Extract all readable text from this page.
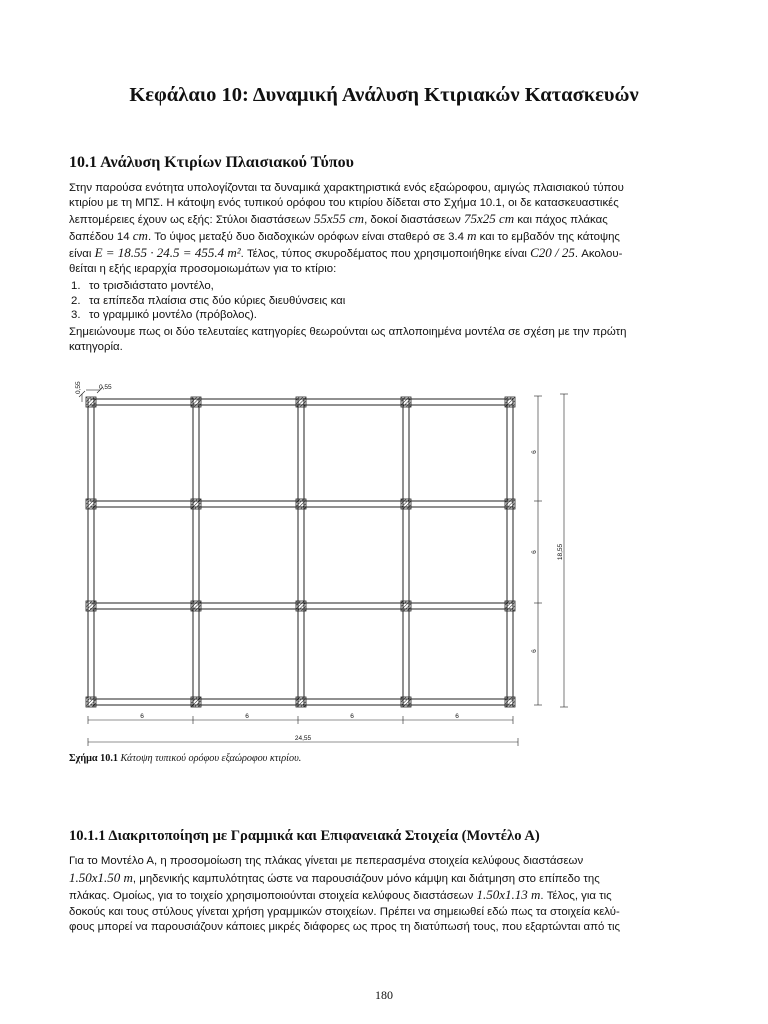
Κεφάλαιο 10: Δυναμική Ανάλυση Κτιριακών Κατασκευών
10.1 Ανάλυση Κτιρίων Πλαισιακού Τύπου
Στην παρούσα ενότητα υπολογίζονται τα δυναμικά χαρακτηριστικά ενός εξαώροφου, αμιγώς πλαισιακού τύπου
κτιρίου με τη ΜΠΣ. Η κάτοψη ενός τυπικού ορόφου του κτιρίου δίδεται στο Σχήμα 10.1, οι δε κατασκευαστικές
λεπτομέρειες έχουν ως εξής: Στύλοι διαστάσεων 55x55 cm, δοκοί διαστάσεων 75x25 cm και πάχος πλάκας
δαπέδου 14 cm. Το ύψος μεταξύ δυο διαδοχικών ορόφων είναι σταθερό σε 3.4 m και το εμβαδόν της κάτοψης
είναι E = 18.55 · 24.5 = 455.4 m². Τέλος, τύπος σκυροδέματος που χρησιμοποιήθηκε είναι C20 / 25. Ακολου-
θείται η εξής ιεραρχία προσομοιωμάτων για το κτίριο:
1. το τρισδιάστατο μοντέλο,
2. τα επίπεδα πλαίσια στις δύο κύριες διευθύνσεις και
3. το γραμμικό μοντέλο (πρόβολος).
Σημειώνουμε πως οι δύο τελευταίες κατηγορίες θεωρούνται ως απλοποιημένα μοντέλα σε σχέση με την πρώτη
κατηγορία.
0,55	0,55
6	6	6	6
24,55
6
6
6
18,55

Σχήμα 10.1 Κάτοψη τυπικού ορόφου εξαώροφου κτιρίου.

10.1.1 Διακριτοποίηση με Γραμμικά και Επιφανειακά Στοιχεία (Μοντέλο Α)
Για το Μοντέλο Α, η προσομοίωση της πλάκας γίνεται με πεπερασμένα στοιχεία κελύφους διαστάσεων
1.50x1.50 m, μηδενικής καμπυλότητας ώστε να παρουσιάζουν μόνο κάμψη και διάτμηση στο επίπεδο της
πλάκας. Ομοίως, για το τοιχείο χρησιμοποιούνται στοιχεία κελύφους διαστάσεων 1.50x1.13 m. Τέλος, για τις
δοκούς και τους στύλους γίνεται χρήση γραμμικών στοιχείων. Πρέπει να σημειωθεί εδώ πως τα στοιχεία κελύ-
φους μπορεί να παρουσιάζουν κάποιες μικρές διάφορες ως προς τη διατύπωσή τους, που εξαρτώνται από τις

180
